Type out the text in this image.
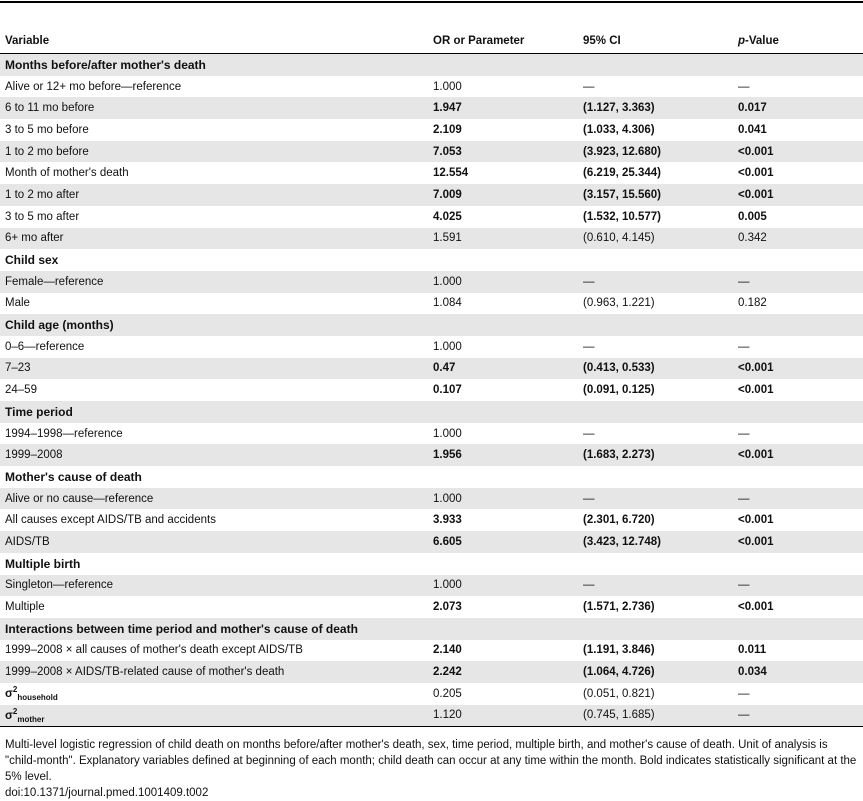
Variable	OR or Parameter	95% CI	p-Value
Months before/after mother's death			
Alive or 12+ mo before—reference	1.000	—	—
6 to 11 mo before	1.947	(1.127, 3.363)	0.017
3 to 5 mo before	2.109	(1.033, 4.306)	0.041
1 to 2 mo before	7.053	(3.923, 12.680)	<0.001
Month of mother's death	12.554	(6.219, 25.344)	<0.001
1 to 2 mo after	7.009	(3.157, 15.560)	<0.001
3 to 5 mo after	4.025	(1.532, 10.577)	0.005
6+ mo after	1.591	(0.610, 4.145)	0.342
Child sex			
Female—reference	1.000	—	—
Male	1.084	(0.963, 1.221)	0.182
Child age (months)			
0–6—reference	1.000	—	—
7–23	0.47	(0.413, 0.533)	<0.001
24–59	0.107	(0.091, 0.125)	<0.001
Time period			
1994–1998—reference	1.000	—	—
1999–2008	1.956	(1.683, 2.273)	<0.001
Mother's cause of death			
Alive or no cause—reference	1.000	—	—
All causes except AIDS/TB and accidents	3.933	(2.301, 6.720)	<0.001
AIDS/TB	6.605	(3.423, 12.748)	<0.001
Multiple birth			
Singleton—reference	1.000	—	—
Multiple	2.073	(1.571, 2.736)	<0.001
Interactions between time period and mother's cause of death			
1999–2008 × all causes of mother's death except AIDS/TB	2.140	(1.191, 3.846)	0.011
1999–2008 × AIDS/TB-related cause of mother's death	2.242	(1.064, 4.726)	0.034
$\sigma^2_{household}$	0.205	(0.051, 0.821)	—
$\sigma^2_{mother}$	1.120	(0.745, 1.685)	—
Multi-level logistic regression of child death on months before/after mother's death, sex, time period, multiple birth, and mother's cause of death. Unit of analysis is "child-month". Explanatory variables defined at beginning of each month; child death can occur at any time within the month. Bold indicates statistically significant at the 5% level.
doi:10.1371/journal.pmed.1001409.t002
